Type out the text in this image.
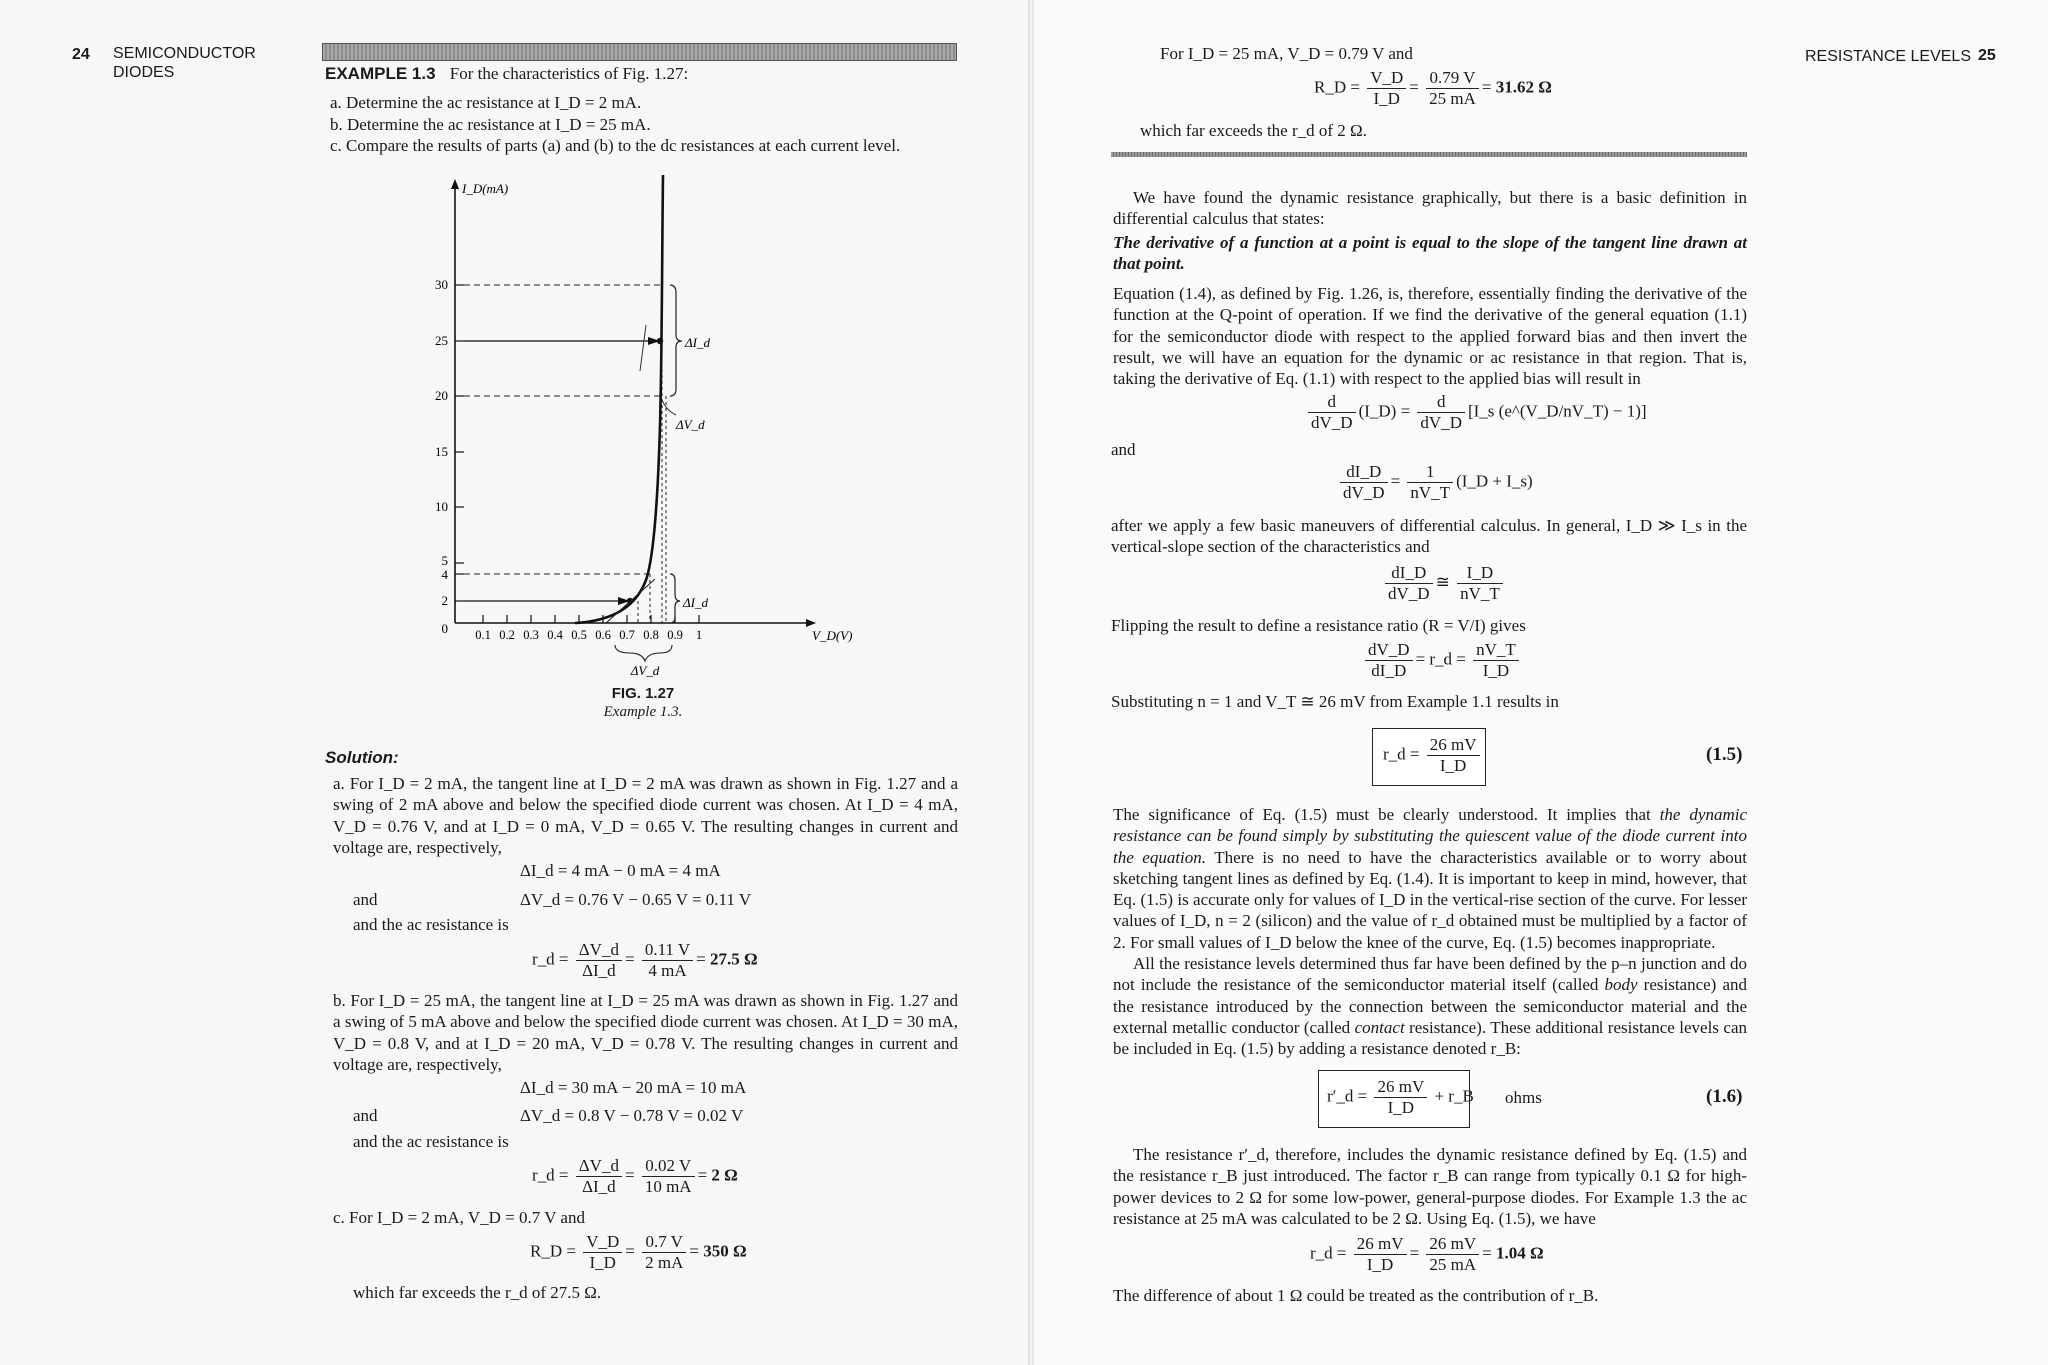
24 SEMICONDUCTOR
DIODES	EXAMPLE 1.3 For the characteristics of Fig. 1.27:
a. Determine the ac resistance at I_D = 2 mA.
b. Determine the ac resistance at I_D = 25 mA.
c. Compare the results of parts (a) and (b) to the dc resistances at each current level.
I_D(mA)
V_D(V)
30
25
20
15
10
5
4
2
0 0.1 0.2 0.3 0.4 0.5 0.6 0.7 0.8 0.9 1
ΔI_d
ΔV_d
ΔI_d
ΔV_d
FIG. 1.27
Example 1.3.
Solution:
a. For I_D = 2 mA, the tangent line at I_D = 2 mA was drawn as shown in Fig. 1.27 and a swing of 2 mA above and below the specified diode current was chosen. At I_D = 4 mA, V_D = 0.76 V, and at I_D = 0 mA, V_D = 0.65 V. The resulting changes in current and voltage are, respectively,
ΔI_d = 4 mA − 0 mA = 4 mA
and	ΔV_d = 0.76 V − 0.65 V = 0.11 V
and the ac resistance is
r_d = $\frac{\Delta V\_d}{\Delta I\_d} = \frac{0.11 V}{4 mA} = 27.5$ Ω
b. For I_D = 25 mA, the tangent line at I_D = 25 mA was drawn as shown in Fig. 1.27 and a swing of 5 mA above and below the specified diode current was chosen. At I_D = 30 mA, V_D = 0.8 V, and at I_D = 20 mA, V_D = 0.78 V. The resulting changes in current and voltage are, respectively,
ΔI_d = 30 mA − 20 mA = 10 mA
and	ΔV_d = 0.8 V − 0.78 V = 0.02 V
and the ac resistance is
r_d = $\frac{\Delta V\_d}{\Delta I\_d} = \frac{0.02 V}{10 mA} = 2$ Ω
c. For I_D = 2 mA, V_D = 0.7 V and
R_D = $\frac{V\_D}{I\_D} = \frac{0.7 V}{2 mA} = 350$ Ω
which far exceeds the r_d of 27.5 Ω.
RESISTANCE LEVELS 25
For I_D = 25 mA, V_D = 0.79 V and
R_D = $\frac{V\_D}{I\_D} = \frac{0.79 V}{25 mA} = 31.62$ Ω
which far exceeds the r_d of 2 Ω.
We have found the dynamic resistance graphically, but there is a basic definition in differential calculus that states:
The derivative of a function at a point is equal to the slope of the tangent line drawn at that point.
Equation (1.4), as defined by Fig. 1.26, is, therefore, essentially finding the derivative of the function at the Q-point of operation. If we find the derivative of the general equation (1.1) for the semiconductor diode with respect to the applied forward bias and then invert the result, we will have an equation for the dynamic or ac resistance in that region. That is, taking the derivative of Eq. (1.1) with respect to the applied bias will result in
$\frac{d}{dV\_D}$ (I_D) = $\frac{d}{dV\_D}$ [I_s (e^(V_D/nV_T) − 1)]
and
$\frac{dI\_D}{dV\_D} = \frac{1}{nV\_T}$ (I_D + I_s)
after we apply a few basic maneuvers of differential calculus. In general, I_D ≫ I_s in the vertical-slope section of the characteristics and
$\frac{dI\_D}{dV\_D}$ ≅ $\frac{I\_D}{nV\_T}$
Flipping the result to define a resistance ratio (R = V/I) gives
$\frac{dV\_D}{dI\_D}$ = r_d = $\frac{nV\_T}{I\_D}$
Substituting n = 1 and V_T ≅ 26 mV from Example 1.1 results in
r_d = $\frac{26 mV}{I\_D}$	(1.5)
The significance of Eq. (1.5) must be clearly understood. It implies that the dynamic resistance can be found simply by substituting the quiescent value of the diode current into the equation. There is no need to have the characteristics available or to worry about sketching tangent lines as defined by Eq. (1.4). It is important to keep in mind, however, that Eq. (1.5) is accurate only for values of I_D in the vertical-rise section of the curve. For lesser values of I_D, n = 2 (silicon) and the value of r_d obtained must be multiplied by a factor of 2. For small values of I_D below the knee of the curve, Eq. (1.5) becomes inappropriate.
All the resistance levels determined thus far have been defined by the p–n junction and do not include the resistance of the semiconductor material itself (called body resistance) and the resistance introduced by the connection between the semiconductor material and the external metallic conductor (called contact resistance). These additional resistance levels can be included in Eq. (1.5) by adding a resistance denoted r_B:
r′_d = $\frac{26 mV}{I\_D}$ + r_B ohms	(1.6)
The resistance r′_d, therefore, includes the dynamic resistance defined by Eq. (1.5) and the resistance r_B just introduced. The factor r_B can range from typically 0.1 Ω for high-power devices to 2 Ω for some low-power, general-purpose diodes. For Example 1.3 the ac resistance at 25 mA was calculated to be 2 Ω. Using Eq. (1.5), we have
r_d = $\frac{26 mV}{I\_D} = \frac{26 mV}{25 mA} = 1.04$ Ω
The difference of about 1 Ω could be treated as the contribution of r_B.
